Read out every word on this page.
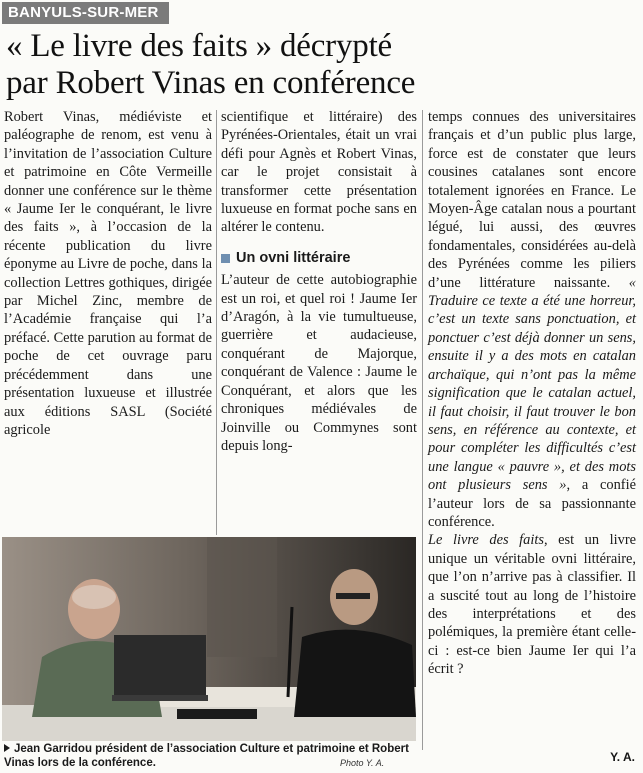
BANYULS-SUR-MER
« Le livre des faits » décrypté
par Robert Vinas en conférence

Robert Vinas, médiéviste et paléographe de renom, est venu à l’invitation de l’association Culture et patrimoine en Côte Vermeille donner une conférence sur le thème « Jaume Ier le conquérant, le livre des faits », à l’occasion de la récente publication du livre éponyme au Livre de poche, dans la collection Lettres gothiques, dirigée par Michel Zinc, membre de l’Académie française qui l’a préfacé. Cette parution au format de poche de cet ouvrage paru précédemment dans une présentation luxueuse et illustrée aux éditions SASL (Société agricole

scientifique et littéraire) des Pyrénées-Orientales, était un vrai défi pour Agnès et Robert Vinas, car le projet consistait à transformer cette présentation luxueuse en format poche sans en altérer le contenu.

Un ovni littéraire

L’auteur de cette autobiographie est un roi, et quel roi ! Jaume Ier d’Aragón, à la vie tumultueuse, guerrière et audacieuse, conquérant de Majorque, conquérant de Valence : Jaume le Conquérant, et alors que les chroniques médiévales de Joinville ou Commynes sont depuis long-

temps connues des universitaires français et d’un public plus large, force est de constater que leurs cousines catalanes sont encore totalement ignorées en France. Le Moyen-Âge catalan nous a pourtant légué, lui aussi, des œuvres fondamentales, considérées au-delà des Pyrénées comme les piliers d’une littérature naissante. « Traduire ce texte a été une horreur, c’est un texte sans ponctuation, et ponctuer c’est déjà donner un sens, ensuite il y a des mots en catalan archaïque, qui n’ont pas la même signification que le catalan actuel, il faut choisir, il faut trouver le bon sens, en référence au contexte, et pour compléter les difficultés c’est une langue « pauvre », et des mots ont plusieurs sens », a confié l’auteur lors de sa passionnante conférence.

Le livre des faits, est un livre unique un véritable ovni littéraire, que l’on n’arrive pas à classifier. Il a suscité tout au long de l’histoire des interprétations et des polémiques, la première étant celle-ci : est-ce bien Jaume Ier qui l’a écrit ?

Jean Garridou président de l’association Culture et patrimoine et Robert Vinas lors de la conférence.	Photo Y. A.	Y. A.
